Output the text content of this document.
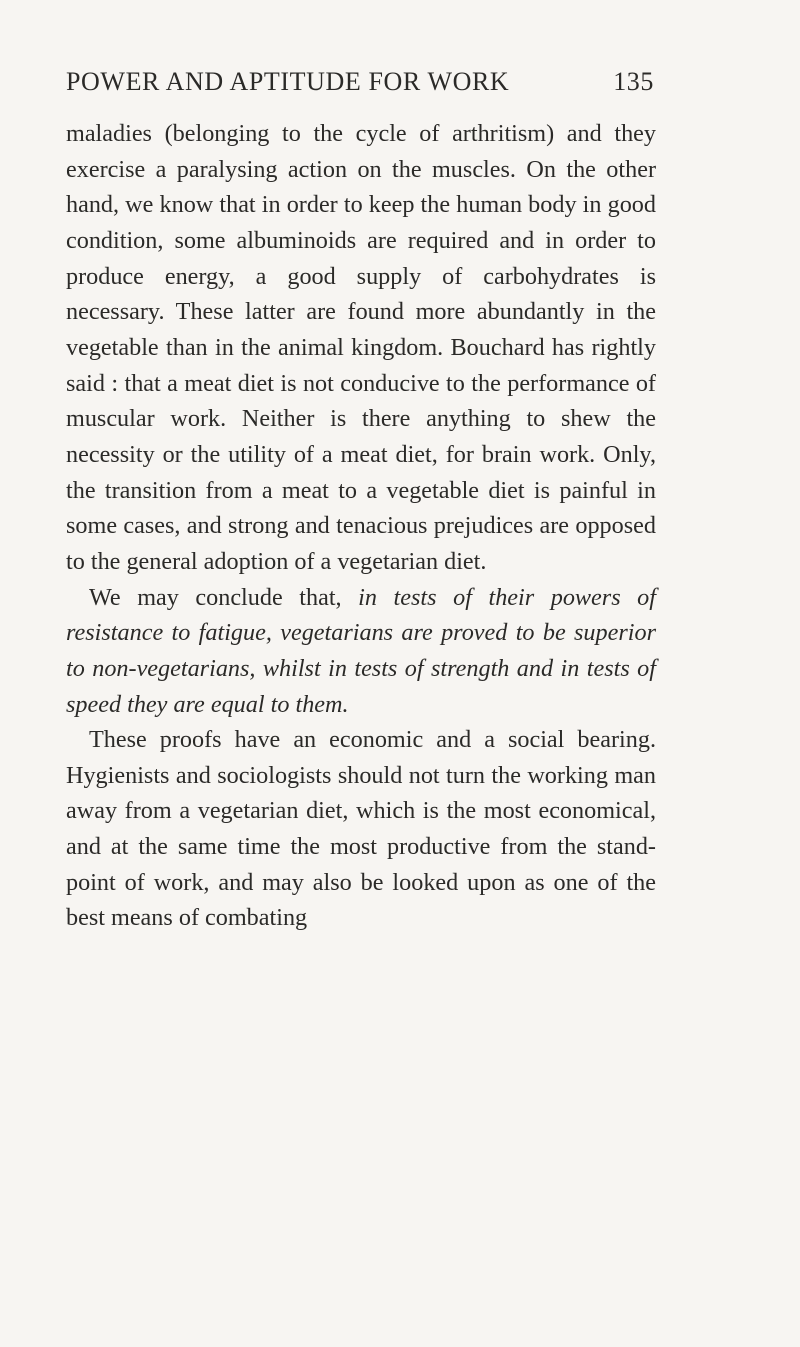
POWER AND APTITUDE FOR WORK	135

maladies (belonging to the cycle of arthritism) and they exercise a paralysing action on the muscles. On the other hand, we know that in order to keep the human body in good condition, some albuminoids are required and in order to produce energy, a good supply of carbohydrates is necessary. These latter are found more abundantly in the vegetable than in the animal kingdom. Bouchard has rightly said : that a meat diet is not conducive to the performance of muscular work. Neither is there anything to shew the necessity or the utility of a meat diet, for brain work. Only, the transition from a meat to a vegetable diet is painful in some cases, and strong and tenacious prejudices are opposed to the general adoption of a vegetarian diet.

We may conclude that, in tests of their powers of resistance to fatigue, vegetarians are proved to be superior to non-vegetarians, whilst in tests of strength and in tests of speed they are equal to them.

These proofs have an economic and a social bearing. Hygienists and sociologists should not turn the working man away from a vegetarian diet, which is the most economical, and at the same time the most productive from the stand-point of work, and may also be looked upon as one of the best means of combating
